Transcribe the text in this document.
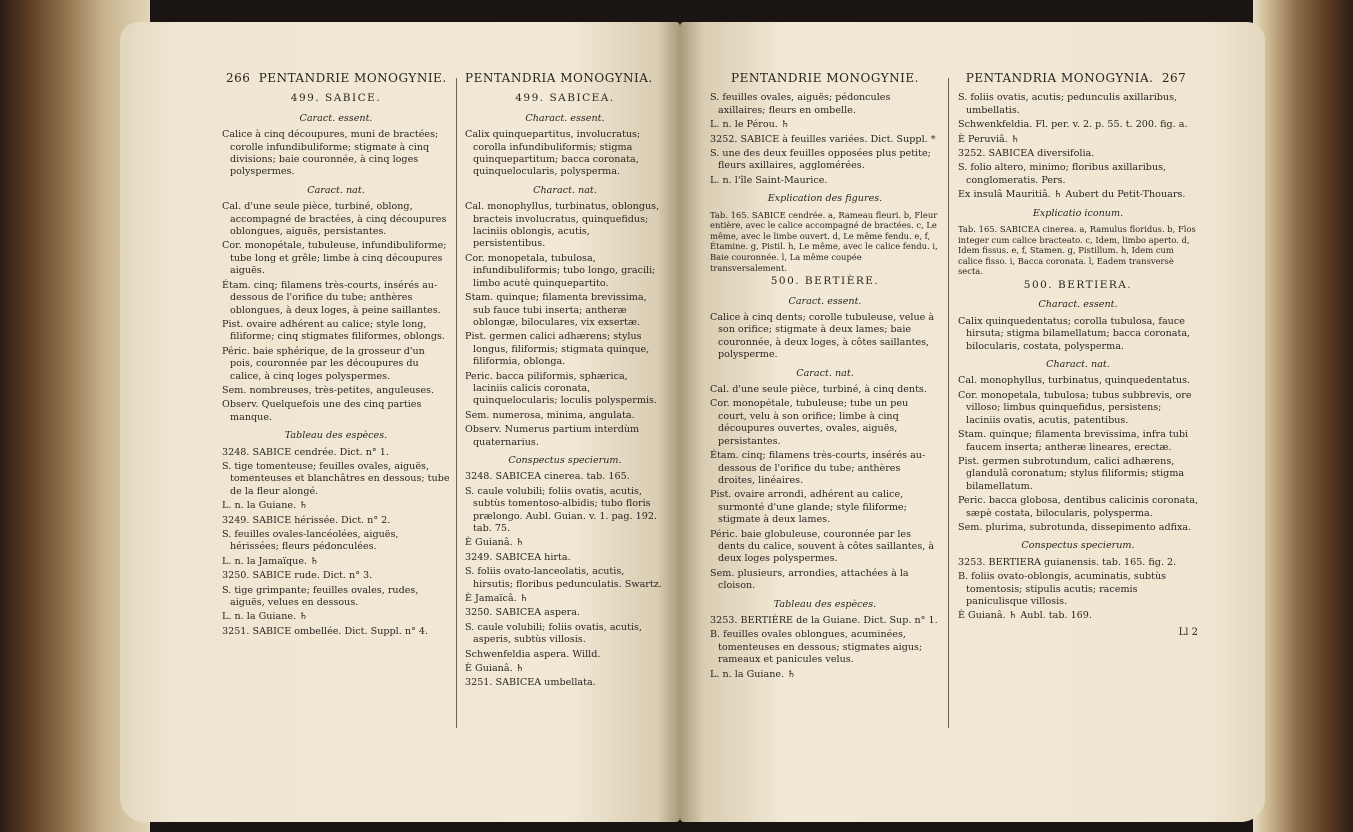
266 PENTANDRIE MONOGYNIE.
499. SABICE.
Caract. essent.

Calice à cinq découpures, muni de bractées; corolle infundibuliforme; stigmate à cinq divisions; baie couronnée, à cinq loges polyspermes.

Caract. nat.

Cal. d'une seule pièce, turbiné, oblong, accompagné de bractées, à cinq découpures oblongues, aiguës, persistantes.

Cor. monopétale, tubuleuse, infundibuliforme; tube long et grêle; limbe à cinq découpures aiguës.

Étam. cinq; filamens très-courts, insérés au-dessous de l'orifice du tube; anthères oblongues, à deux loges, à peine saillantes.

Pist. ovaire adhérent au calice; style long, filiforme; cinq stigmates filiformes, oblongs.

Péric. baie sphérique, de la grosseur d'un pois, couronnée par les découpures du calice, à cinq loges polyspermes.

Sem. nombreuses, très-petites, anguleuses.

Observ. Quelquefois une des cinq parties manque.

Tableau des espèces.

3248. SABICE cendrée. Dict. n° 1.

S. tige tomenteuse; feuilles ovales, aiguës, tomenteuses et blanchâtres en dessous; tube de la fleur alongé.

L. n. la Guiane. ♄

3249. SABICE hérissée. Dict. n° 2.

S. feuilles ovales-lancéolées, aiguës, hérissées; fleurs pédonculées.

L. n. la Jamaïque. ♄

3250. SABICE rude. Dict. n° 3.

S. tige grimpante; feuilles ovales, rudes, aiguës, velues en dessous.

L. n. la Guiane. ♄

3251. SABICE ombellée. Dict. Suppl. n° 4.

PENTANDRIA MONOGYNIA.
499. SABICEA.
Charact. essent.

Calix quinquepartitus, involucratus; corolla infundibuliformis; stigma quinquepartitum; bacca coronata, quinquelocularis, polysperma.

Charact. nat.

Cal. monophyllus, turbinatus, oblongus, bracteis involucratus, quinquefidus; laciniis oblongis, acutis, persistentibus.

Cor. monopetala, tubulosa, infundibuliformis; tubo longo, gracili; limbo acutè quinquepartito.

Stam. quinque; filamenta brevissima, sub fauce tubi inserta; antheræ oblongæ, biloculares, vix exsertæ.

Pist. germen calici adhærens; stylus longus, filiformis; stigmata quinque, filiformia, oblonga.

Peric. bacca piliformis, sphærica, laciniis calicis coronata, quinquelocularis; loculis polyspermis.

Sem. numerosa, minima, angulata.

Observ. Numerus partium interdùm quaternarius.

Conspectus specierum.

3248. SABICEA cinerea. tab. 165.

S. caule volubili; foliis ovatis, acutis, subtùs tomentoso-albidis; tubo floris prælongo. Aubl. Guian. v. 1. pag. 192. tab. 75.

È Guianâ. ♄

3249. SABICEA hirta.

S. foliis ovato-lanceolatis, acutis, hirsutis; floribus pedunculatis. Swartz.

È Jamaïcâ. ♄

3250. SABICEA aspera.

S. caule volubili; foliis ovatis, acutis, asperis, subtùs villosis.

Schwenfeldia aspera. Willd.

È Guianâ. ♄

3251. SABICEA umbellata.

PENTANDRIE MONOGYNIE.

S. feuilles ovales, aiguës; pédoncules axillaires; fleurs en ombelle.

L. n. le Pérou. ♄

3252. SABICE à feuilles variées. Dict. Suppl. *

S. une des deux feuilles opposées plus petite; fleurs axillaires, agglomérées.

L. n. l'île Saint-Maurice.

Explication des figures.

Tab. 165. SABICE cendrée. a, Rameau fleuri. b, Fleur entière, avec le calice accompagné de bractées. c, Le même, avec le limbe ouvert. d, Le même fendu. e, f, Étamine. g, Pistil. h, Le même, avec le calice fendu. i, Baie couronnée. l, La même coupée transversalement.

500. BERTIÈRE.
Caract. essent.

Calice à cinq dents; corolle tubuleuse, velue à son orifice; stigmate à deux lames; baie couronnée, à deux loges, à côtes saillantes, polysperme.

Caract. nat.

Cal. d'une seule pièce, turbiné, à cinq dents.

Cor. monopétale, tubuleuse; tube un peu court, velu à son orifice; limbe à cinq découpures ouvertes, ovales, aiguës, persistantes.

Étam. cinq; filamens très-courts, insérés au-dessous de l'orifice du tube; anthères droites, linéaires.

Pist. ovaire arrondi, adhérent au calice, surmonté d'une glande; style filiforme; stigmate à deux lames.

Péric. baie globuleuse, couronnée par les dents du calice, souvent à côtes saillantes, à deux loges polyspermes.

Sem. plusieurs, arrondies, attachées à la cloison.

Tableau des espèces.

3253. BERTIÈRE de la Guiane. Dict. Sup. n° 1.

B. feuilles ovales oblongues, acuminées, tomenteuses en dessous; stigmates aigus; rameaux et panicules velus.

L. n. la Guiane. ♄

PENTANDRIA MONOGYNIA. 267

S. foliis ovatis, acutis; pedunculis axillaribus, umbellatis.

Schwenkfeldia. Fl. per. v. 2. p. 55. t. 200. fig. a.

È Peruviâ. ♄

3252. SABICEA diversifolia.

S. folio altero, minimo; floribus axillaribus, conglomeratis. Pers.

Ex insulâ Mauritiâ. ♄ Aubert du Petit-Thouars.

Explicatio iconum.

Tab. 165. SABICEA cinerea. a, Ramulus floridus. b, Flos integer cum calice bracteato. c, Idem, limbo aperto. d, Idem fissus. e, f, Stamen. g, Pistillum. h, Idem cum calice fisso. i, Bacca coronata. l, Eadem transversè secta.

500. BERTIERA.
Charact. essent.

Calix quinquedentatus; corolla tubulosa, fauce hirsuta; stigma bilamellatum; bacca coronata, bilocularis, costata, polysperma.

Charact. nat.

Cal. monophyllus, turbinatus, quinquedentatus.

Cor. monopetala, tubulosa; tubus subbrevis, ore villoso; limbus quinquefidus, persistens; laciniis ovatis, acutis, patentibus.

Stam. quinque; filamenta brevissima, infra tubi faucem inserta; antheræ lineares, erectæ.

Pist. germen subrotundum, calici adhærens, glandulâ coronatum; stylus filiformis; stigma bilamellatum.

Peric. bacca globosa, dentibus calicinis coronata, sæpè costata, bilocularis, polysperma.

Sem. plurima, subrotunda, dissepimento adfixa.

Conspectus specierum.

3253. BERTIERA guianensis. tab. 165. fig. 2.

B. foliis ovato-oblongis, acuminatis, subtùs tomentosis; stipulis acutis; racemis paniculisque villosis.

È Guianâ. ♄ Aubl. tab. 169.

Ll 2
